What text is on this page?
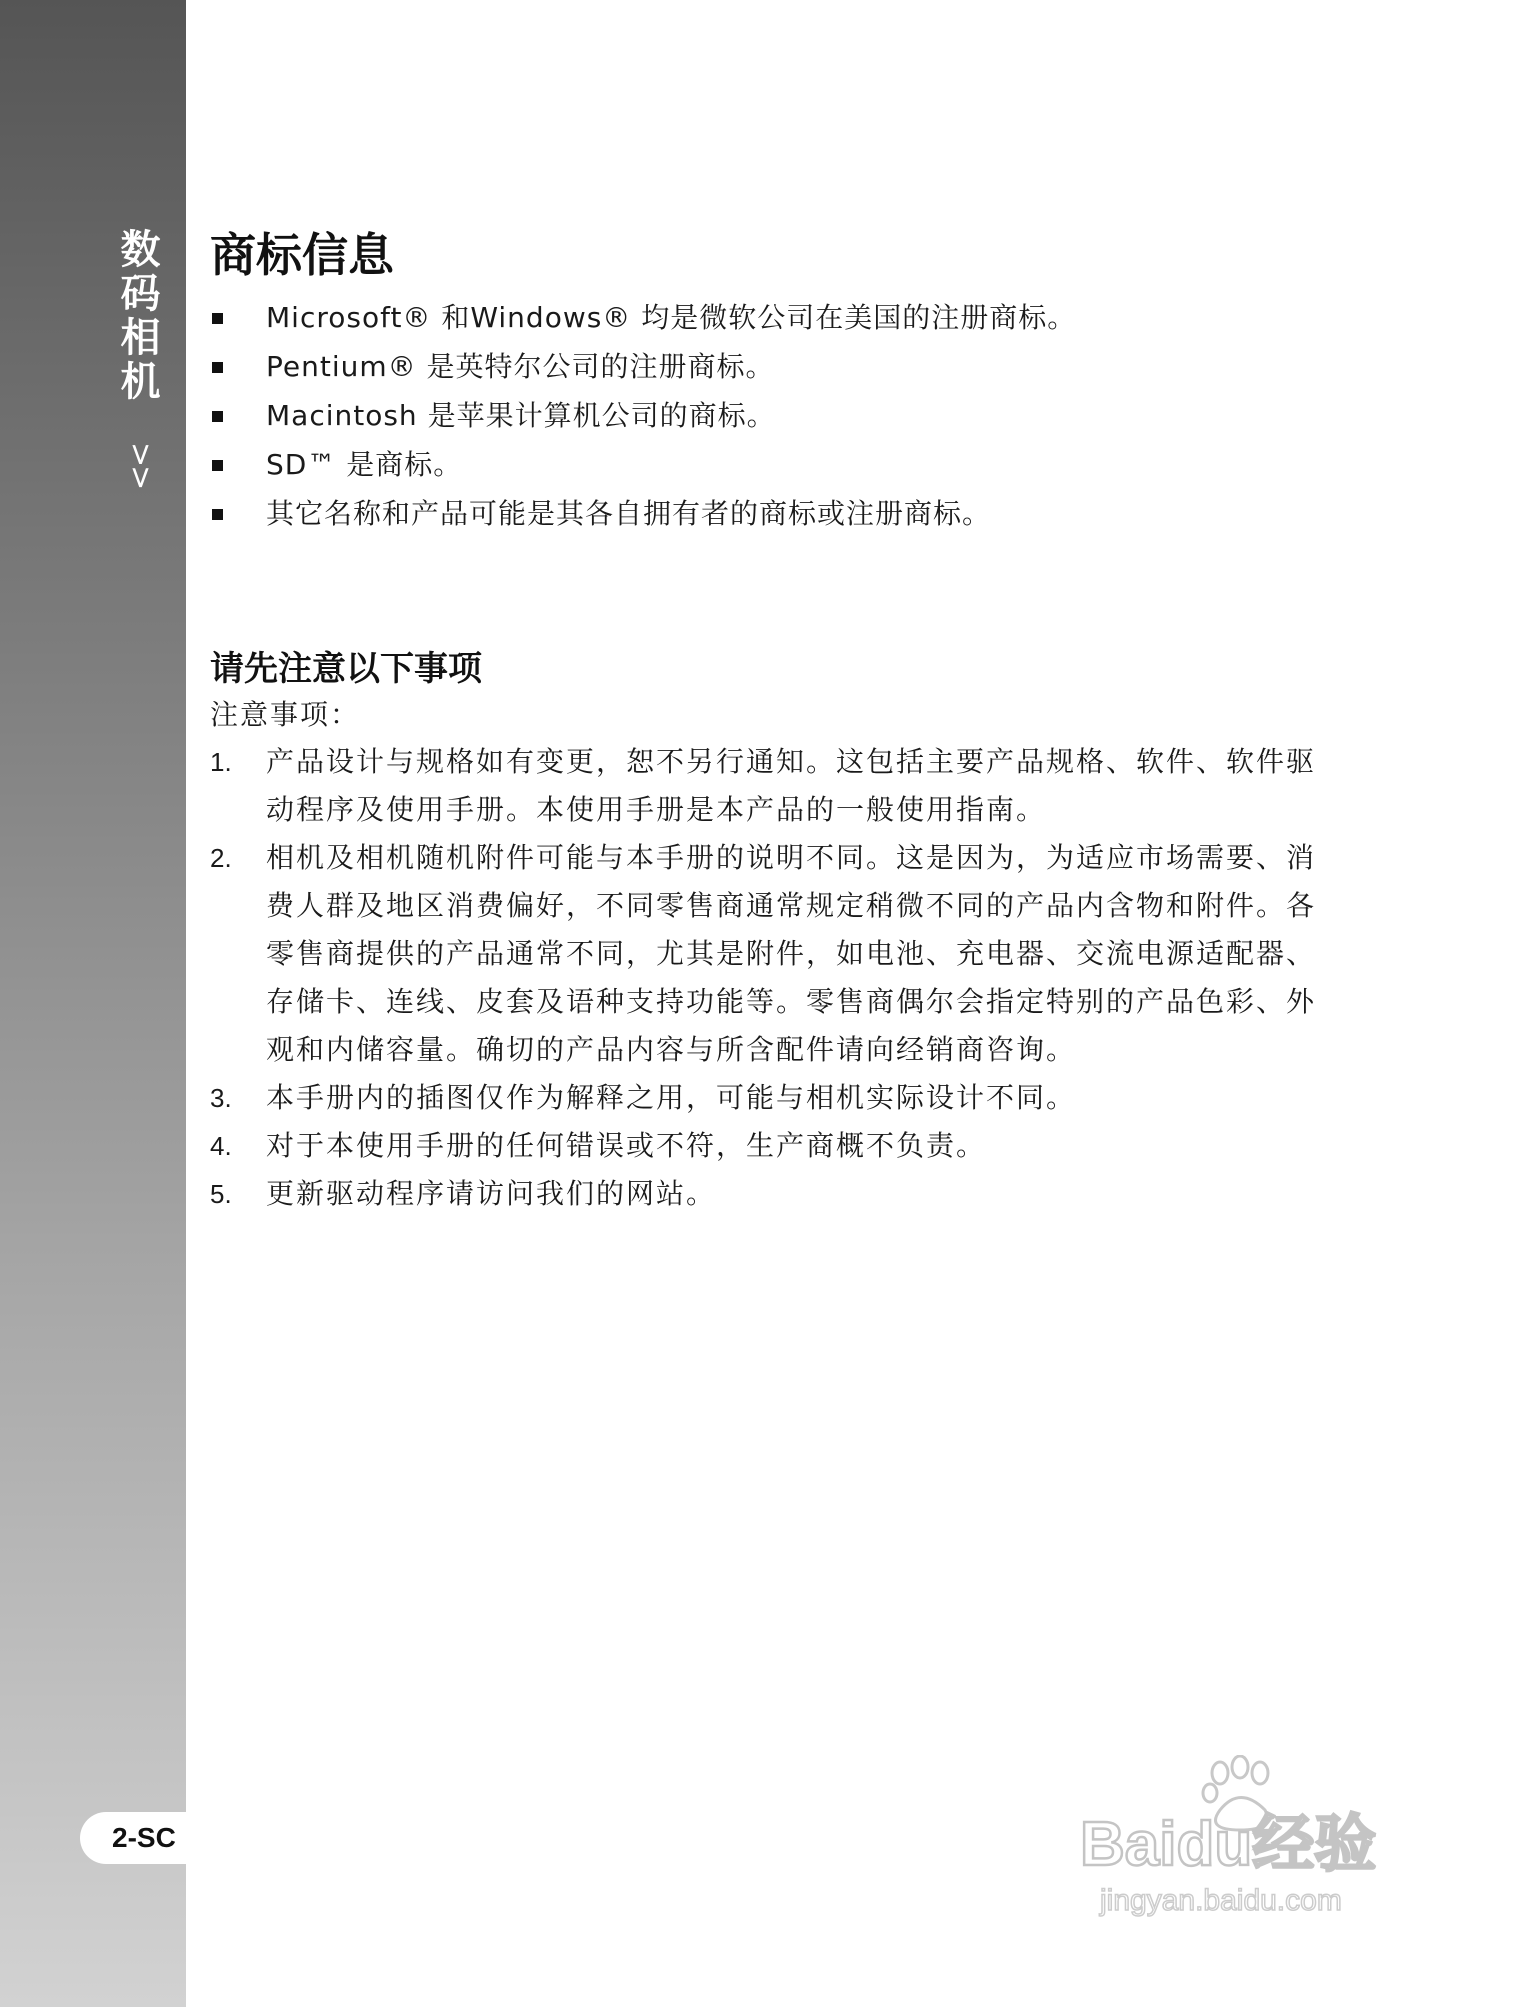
数码相机
>>
2-SC
商标信息
Microsoft® 和Windows® 均是微软公司在美国的注册商标。
Pentium® 是英特尔公司的注册商标。
Macintosh 是苹果计算机公司的商标。
SD™ 是商标。
其它名称和产品可能是其各自拥有者的商标或注册商标。
请先注意以下事项
注意事项：
1. 产品设计与规格如有变更，恕不另行通知。这包括主要产品规格、软件、软件驱动程序及使用手册。本使用手册是本产品的一般使用指南。
2. 相机及相机随机附件可能与本手册的说明不同。这是因为，为适应市场需要、消费人群及地区消费偏好，不同零售商通常规定稍微不同的产品内含物和附件。各零售商提供的产品通常不同，尤其是附件，如电池、充电器、交流电源适配器、存储卡、连线、皮套及语种支持功能等。零售商偶尔会指定特别的产品色彩、外观和内储容量。确切的产品内容与所含配件请向经销商咨询。
3. 本手册内的插图仅作为解释之用，可能与相机实际设计不同。
4. 对于本使用手册的任何错误或不符，生产商概不负责。
5. 更新驱动程序请访问我们的网站。
Baidu经验
jingyan.baidu.com
